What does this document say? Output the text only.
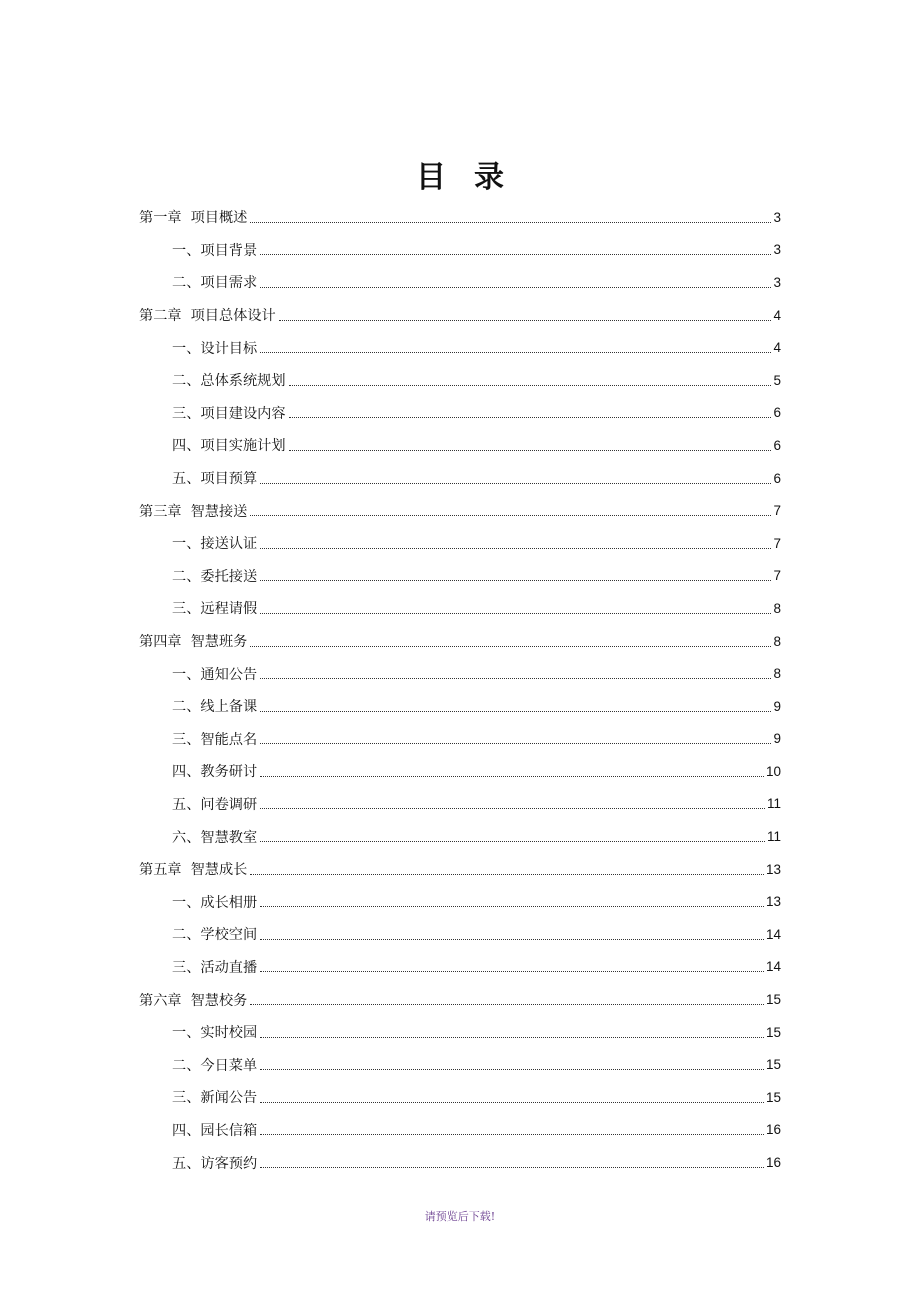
目 录
第一章 项目概述	3
一、项目背景	3
二、项目需求	3
第二章 项目总体设计	4
一、设计目标	4
二、总体系统规划	5
三、项目建设内容	6
四、项目实施计划	6
五、项目预算	6
第三章 智慧接送	7
一、接送认证	7
二、委托接送	7
三、远程请假	8
第四章 智慧班务	8
一、通知公告	8
二、线上备课	9
三、智能点名	9
四、教务研讨	10
五、问卷调研	11
六、智慧教室	11
第五章 智慧成长	13
一、成长相册	13
二、学校空间	14
三、活动直播	14
第六章 智慧校务	15
一、实时校园	15
二、今日菜单	15
三、新闻公告	15
四、园长信箱	16
五、访客预约	16
请预览后下载!
